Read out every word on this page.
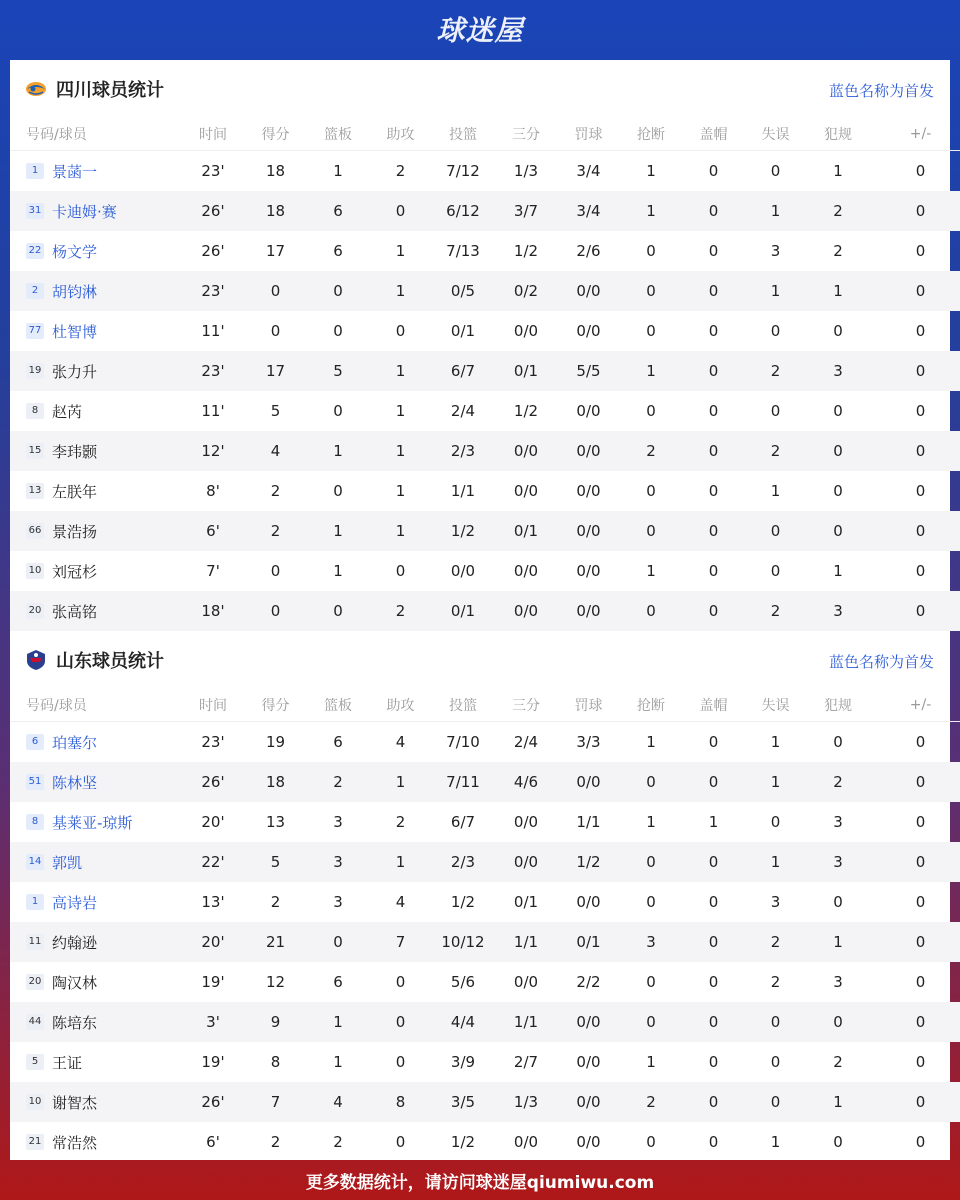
球迷屋
四川球员统计	蓝色名称为首发
号码/球员	时间	得分	篮板	助攻	投篮	三分	罚球	抢断	盖帽	失误	犯规	+/-
1 景菡一	23'	18	1	2	7/12	1/3	3/4	1	0	0	1	0
31 卡迪姆·赛	26'	18	6	0	6/12	3/7	3/4	1	0	1	2	0
22 杨文学	26'	17	6	1	7/13	1/2	2/6	0	0	3	2	0
2 胡钧淋	23'	0	0	1	0/5	0/2	0/0	0	0	1	1	0
77 杜智博	11'	0	0	0	0/1	0/0	0/0	0	0	0	0	0
19 张力升	23'	17	5	1	6/7	0/1	5/5	1	0	2	3	0
8 赵芮	11'	5	0	1	2/4	1/2	0/0	0	0	0	0	0
15 李玮颢	12'	4	1	1	2/3	0/0	0/0	2	0	2	0	0
13 左朕年	8'	2	0	1	1/1	0/0	0/0	0	0	1	0	0
66 景浩扬	6'	2	1	1	1/2	0/1	0/0	0	0	0	0	0
10 刘冠杉	7'	0	1	0	0/0	0/0	0/0	1	0	0	1	0
20 张高铭	18'	0	0	2	0/1	0/0	0/0	0	0	2	3	0
山东球员统计	蓝色名称为首发
号码/球员	时间	得分	篮板	助攻	投篮	三分	罚球	抢断	盖帽	失误	犯规	+/-
6 珀塞尔	23'	19	6	4	7/10	2/4	3/3	1	0	1	0	0
51 陈林坚	26'	18	2	1	7/11	4/6	0/0	0	0	1	2	0
8 基莱亚-琼斯	20'	13	3	2	6/7	0/0	1/1	1	1	0	3	0
14 郭凯	22'	5	3	1	2/3	0/0	1/2	0	0	1	3	0
1 高诗岩	13'	2	3	4	1/2	0/1	0/0	0	0	3	0	0
11 约翰逊	20'	21	0	7	10/12	1/1	0/1	3	0	2	1	0
20 陶汉林	19'	12	6	0	5/6	0/0	2/2	0	0	2	3	0
44 陈培东	3'	9	1	0	4/4	1/1	0/0	0	0	0	0	0
5 王证	19'	8	1	0	3/9	2/7	0/0	1	0	0	2	0
10 谢智杰	26'	7	4	8	3/5	1/3	0/0	2	0	0	1	0
21 常浩然	6'	2	2	0	1/2	0/0	0/0	0	0	1	0	0
更多数据统计，请访问球迷屋qiumiwu.com
